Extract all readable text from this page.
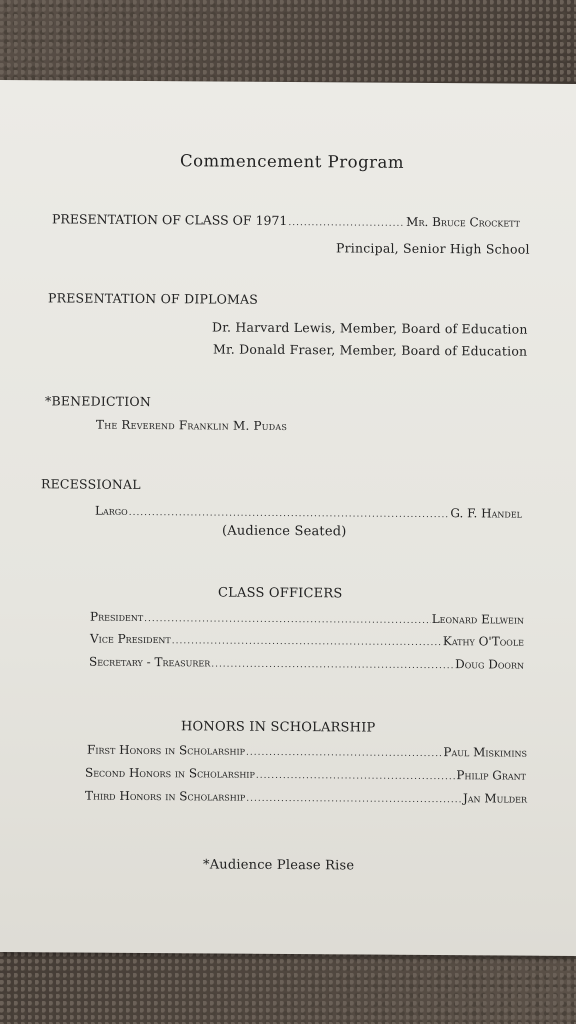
Commencement Program
PRESENTATION OF CLASS OF 1971 .....	Mr. Bruce Crockett
Principal, Senior High School
PRESENTATION OF DIPLOMAS
Dr. Harvard Lewis, Member, Board of Education
Mr. Donald Fraser, Member, Board of Education
*BENEDICTION
The Reverend Franklin M. Pudas
RECESSIONAL
Largo .....	G. F. Handel
(Audience Seated)
CLASS OFFICERS
President .....	Leonard Ellwein
Vice President .....	Kathy O'Toole
Secretary - Treasurer .....	Doug Doorn
HONORS IN SCHOLARSHIP
First Honors in Scholarship .....	Paul Miskimins
Second Honors in Scholarship .....	Philip Grant
Third Honors in Scholarship .....	Jan Mulder
*Audience Please Rise
